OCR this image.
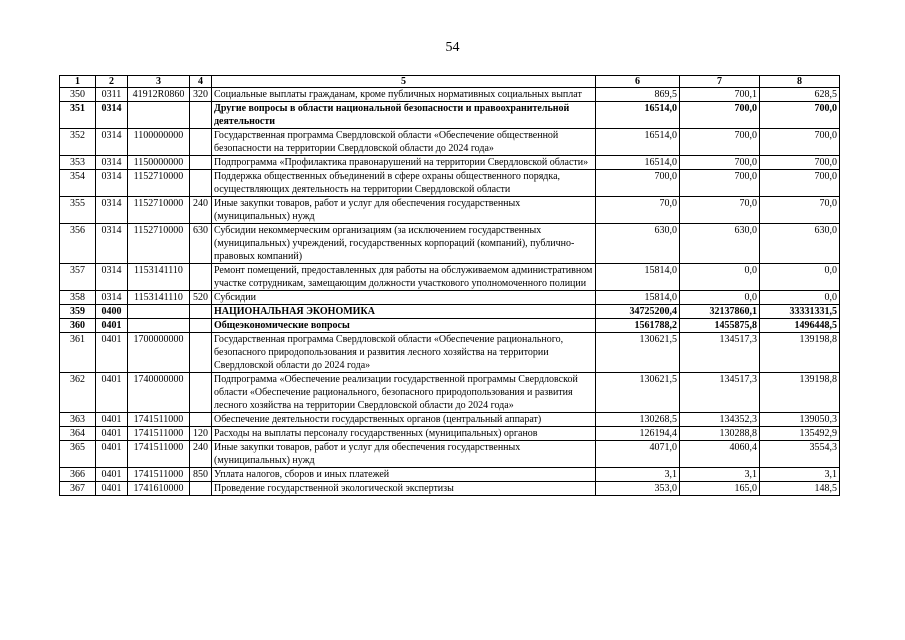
54
1	2	3	4	5	6	7	8
350	0311	41912R0860	320	Социальные выплаты гражданам, кроме публичных нормативных социальных выплат	869,5	700,1	628,5
351	0314			Другие вопросы в области национальной безопасности и правоохранительной деятельности	16514,0	700,0	700,0
352	0314	1100000000		Государственная программа Свердловской области «Обеспечение общественной безопасности на территории Свердловской области до 2024 года»	16514,0	700,0	700,0
353	0314	1150000000		Подпрограмма «Профилактика правонарушений на территории Свердловской области»	16514,0	700,0	700,0
354	0314	1152710000		Поддержка общественных объединений в сфере охраны общественного порядка, осуществляющих деятельность на территории Свердловской области	700,0	700,0	700,0
355	0314	1152710000	240	Иные закупки товаров, работ и услуг для обеспечения государственных (муниципальных) нужд	70,0	70,0	70,0
356	0314	1152710000	630	Субсидии некоммерческим организациям (за исключением государственных (муниципальных) учреждений, государственных корпораций (компаний), публично-правовых компаний)	630,0	630,0	630,0
357	0314	1153141110		Ремонт помещений, предоставленных для работы на обслуживаемом административном участке сотрудникам, замещающим должности участкового уполномоченного полиции	15814,0	0,0	0,0
358	0314	1153141110	520	Субсидии	15814,0	0,0	0,0
359	0400			НАЦИОНАЛЬНАЯ ЭКОНОМИКА	34725200,4	32137860,1	33331331,5
360	0401			Общеэкономические вопросы	1561788,2	1455875,8	1496448,5
361	0401	1700000000		Государственная программа Свердловской области «Обеспечение рационального, безопасного природопользования и развития лесного хозяйства на территории Свердловской области до 2024 года»	130621,5	134517,3	139198,8
362	0401	1740000000		Подпрограмма «Обеспечение реализации государственной программы Свердловской области «Обеспечение рационального, безопасного природопользования и развития лесного хозяйства на территории Свердловской области до 2024 года»	130621,5	134517,3	139198,8
363	0401	1741511000		Обеспечение деятельности государственных органов (центральный аппарат)	130268,5	134352,3	139050,3
364	0401	1741511000	120	Расходы на выплаты персоналу государственных (муниципальных) органов	126194,4	130288,8	135492,9
365	0401	1741511000	240	Иные закупки товаров, работ и услуг для обеспечения государственных (муниципальных) нужд	4071,0	4060,4	3554,3
366	0401	1741511000	850	Уплата налогов, сборов и иных платежей	3,1	3,1	3,1
367	0401	1741610000		Проведение государственной экологической экспертизы	353,0	165,0	148,5
